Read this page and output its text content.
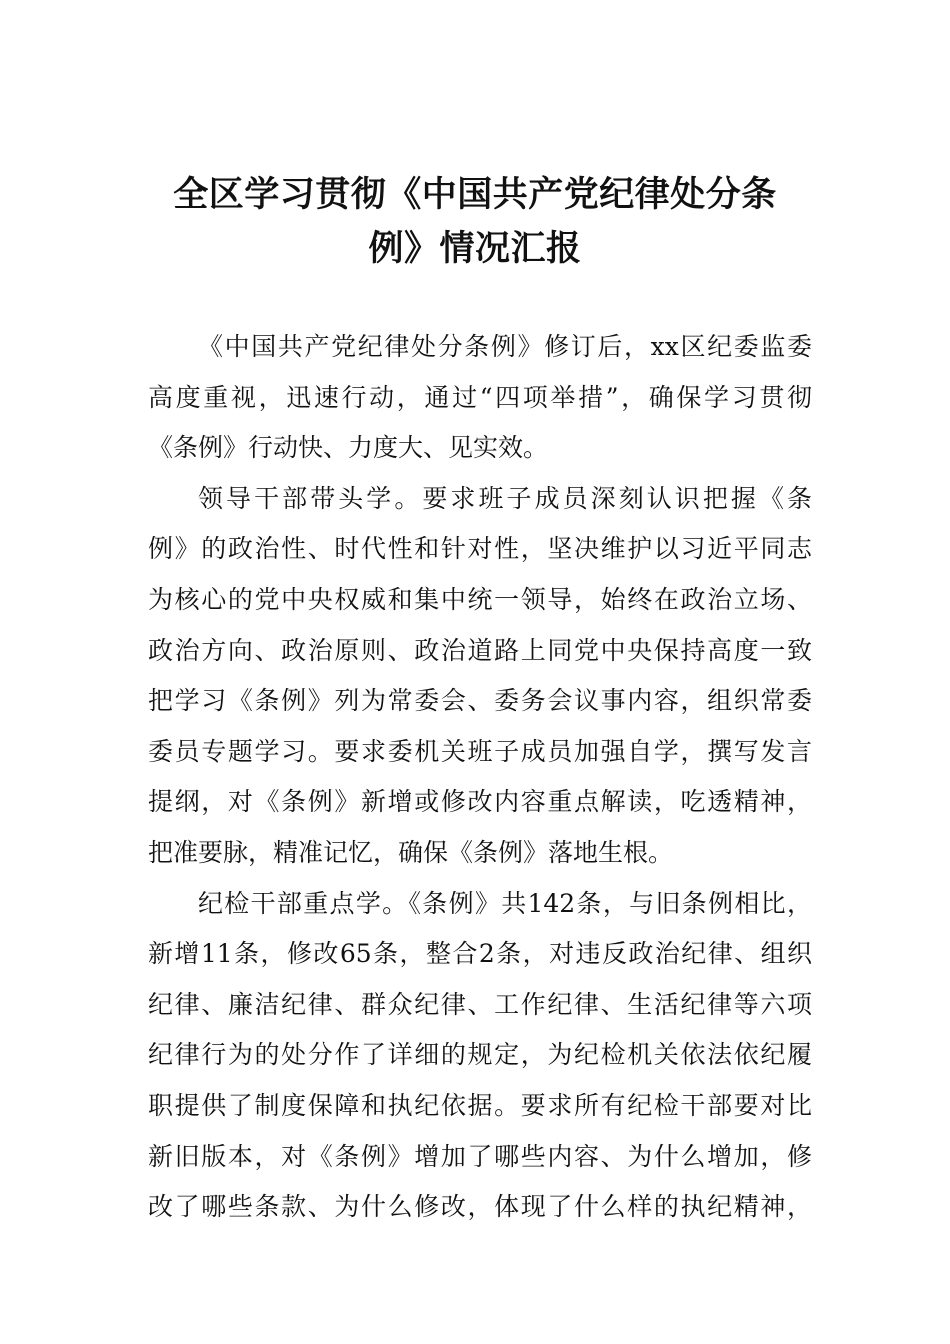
全区学习贯彻《中国共产党纪律处分条
例》情况汇报
《中国共产党纪律处分条例》修订后，xx区纪委监委
高度重视，迅速行动，通过“四项举措”，确保学习贯彻
《条例》行动快、力度大、见实效。
领导干部带头学。要求班子成员深刻认识把握《条
例》的政治性、时代性和针对性，坚决维护以习近平同志
为核心的党中央权威和集中统一领导，始终在政治立场、
政治方向、政治原则、政治道路上同党中央保持高度一致
把学习《条例》列为常委会、委务会议事内容，组织常委
委员专题学习。要求委机关班子成员加强自学，撰写发言
提纲，对《条例》新增或修改内容重点解读，吃透精神，
把准要脉，精准记忆，确保《条例》落地生根。
纪检干部重点学。《条例》共142条，与旧条例相比，
新增11条，修改65条，整合2条，对违反政治纪律、组织
纪律、廉洁纪律、群众纪律、工作纪律、生活纪律等六项
纪律行为的处分作了详细的规定，为纪检机关依法依纪履
职提供了制度保障和执纪依据。要求所有纪检干部要对比
新旧版本，对《条例》增加了哪些内容、为什么增加，修
改了哪些条款、为什么修改，体现了什么样的执纪精神，
